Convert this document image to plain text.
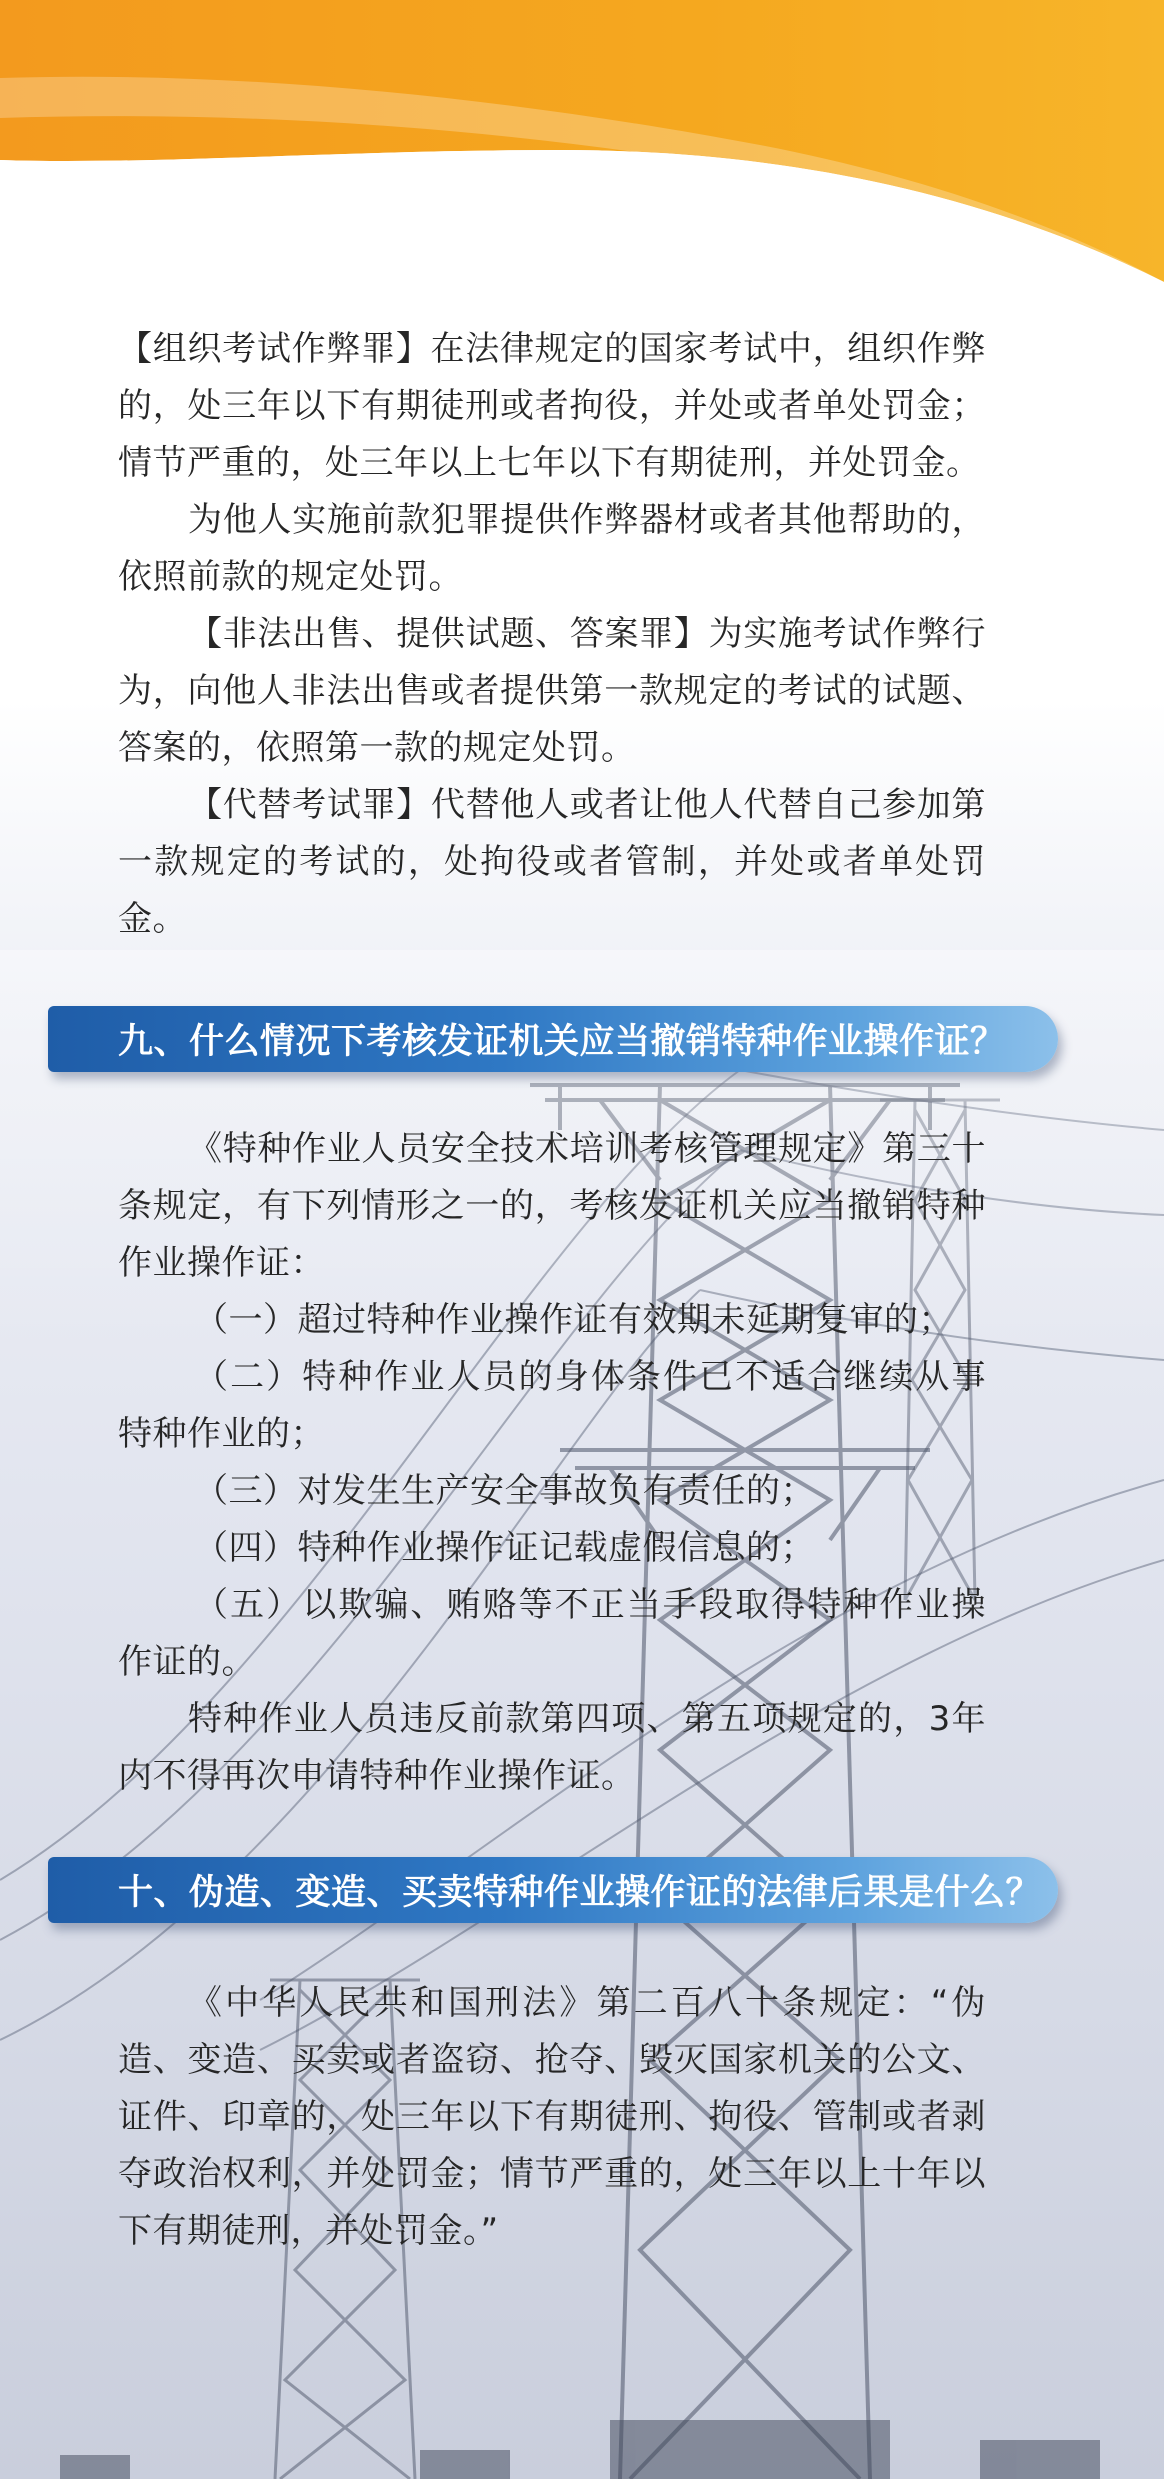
【组织考试作弊罪】在法律规定的国家考试中，组织作弊的，处三年以下有期徒刑或者拘役，并处或者单处罚金；情节严重的，处三年以上七年以下有期徒刑，并处罚金。

为他人实施前款犯罪提供作弊器材或者其他帮助的，依照前款的规定处罚。

【非法出售、提供试题、答案罪】为实施考试作弊行为，向他人非法出售或者提供第一款规定的考试的试题、答案的，依照第一款的规定处罚。

【代替考试罪】代替他人或者让他人代替自己参加第一款规定的考试的，处拘役或者管制，并处或者单处罚金。

九、什么情况下考核发证机关应当撤销特种作业操作证？

《特种作业人员安全技术培训考核管理规定》第三十条规定，有下列情形之一的，考核发证机关应当撤销特种作业操作证：

（一）超过特种作业操作证有效期未延期复审的；

（二）特种作业人员的身体条件已不适合继续从事特种作业的；

（三）对发生生产安全事故负有责任的；

（四）特种作业操作证记载虚假信息的；

（五）以欺骗、贿赂等不正当手段取得特种作业操作证的。

特种作业人员违反前款第四项、第五项规定的，3年内不得再次申请特种作业操作证。

十、伪造、变造、买卖特种作业操作证的法律后果是什么？

《中华人民共和国刑法》第二百八十条规定：“伪造、变造、买卖或者盗窃、抢夺、毁灭国家机关的公文、证件、印章的，处三年以下有期徒刑、拘役、管制或者剥夺政治权利，并处罚金；情节严重的，处三年以上十年以下有期徒刑，并处罚金。”
